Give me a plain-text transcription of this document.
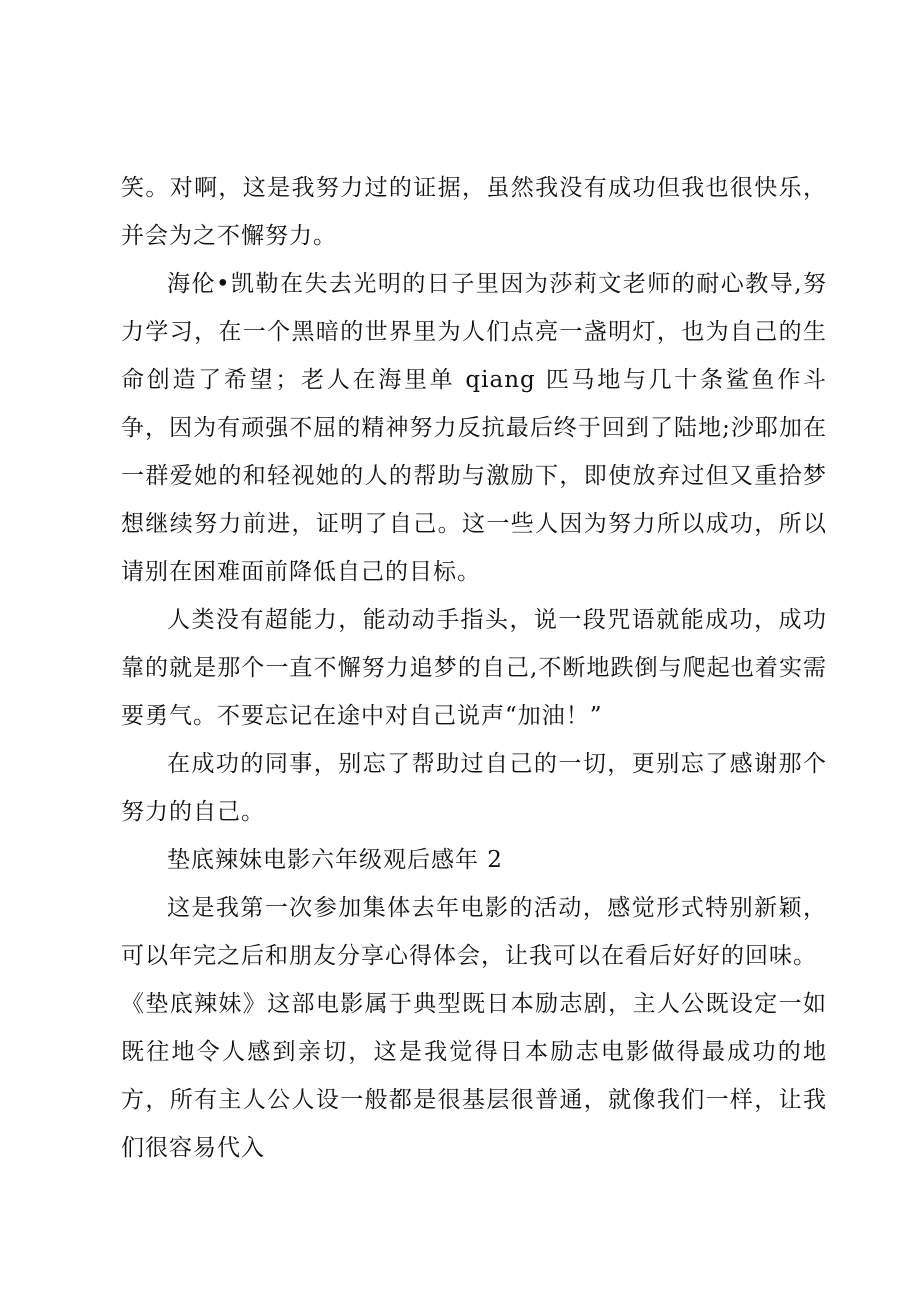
笑。对啊，这是我努力过的证据，虽然我没有成功但我也很快乐，并会为之不懈努力。

海伦•凯勒在失去光明的日子里因为莎莉文老师的耐心教导,努力学习，在一个黑暗的世界里为人们点亮一盏明灯，也为自己的生命创造了希望；老人在海里单 qiang 匹马地与几十条鲨鱼作斗争，因为有顽强不屈的精神努力反抗最后终于回到了陆地;沙耶加在一群爱她的和轻视她的人的帮助与激励下，即使放弃过但又重拾梦想继续努力前进，证明了自己。这一些人因为努力所以成功，所以请别在困难面前降低自己的目标。

人类没有超能力，能动动手指头，说一段咒语就能成功，成功靠的就是那个一直不懈努力追梦的自己,不断地跌倒与爬起也着实需要勇气。不要忘记在途中对自己说声“加油！”

在成功的同事，别忘了帮助过自己的一切，更别忘了感谢那个努力的自己。

垫底辣妹电影六年级观后感年 2

这是我第一次参加集体去年电影的活动，感觉形式特别新颖，可以年完之后和朋友分享心得体会，让我可以在看后好好的回味。

《垫底辣妹》这部电影属于典型既日本励志剧，主人公既设定一如既往地令人感到亲切，这是我觉得日本励志电影做得最成功的地方，所有主人公人设一般都是很基层很普通，就像我们一样，让我们很容易代入
